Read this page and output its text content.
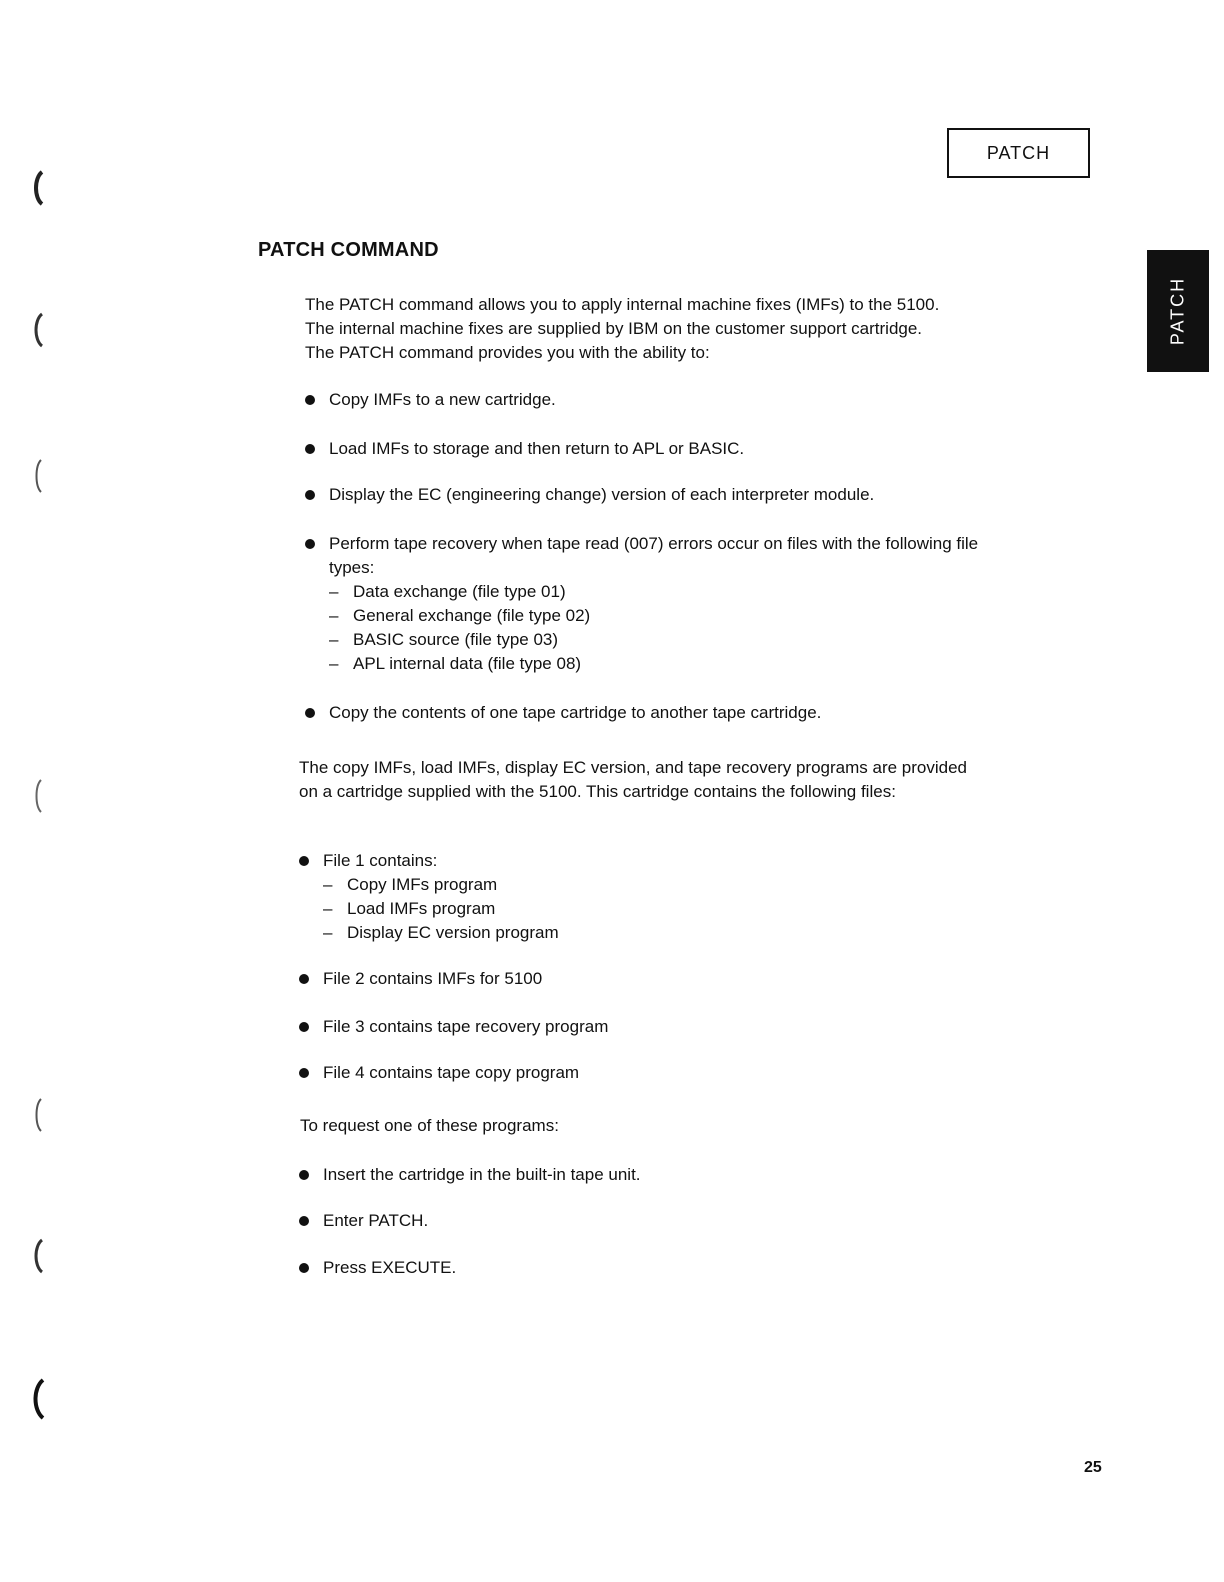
PATCH
PATCH
PATCH COMMAND
The PATCH command allows you to apply internal machine fixes (IMFs) to the 5100. The internal machine fixes are supplied by IBM on the customer support cartridge. The PATCH command provides you with the ability to:
Copy IMFs to a new cartridge.
Load IMFs to storage and then return to APL or BASIC.
Display the EC (engineering change) version of each interpreter module.
Perform tape recovery when tape read (007) errors occur on files with the following file types:
– Data exchange (file type 01)
– General exchange (file type 02)
– BASIC source (file type 03)
– APL internal data (file type 08)
Copy the contents of one tape cartridge to another tape cartridge.
The copy IMFs, load IMFs, display EC version, and tape recovery programs are provided on a cartridge supplied with the 5100. This cartridge contains the following files:
File 1 contains:
– Copy IMFs program
– Load IMFs program
– Display EC version program
File 2 contains IMFs for 5100
File 3 contains tape recovery program
File 4 contains tape copy program
To request one of these programs:
Insert the cartridge in the built-in tape unit.
Enter PATCH.
Press EXECUTE.
25
